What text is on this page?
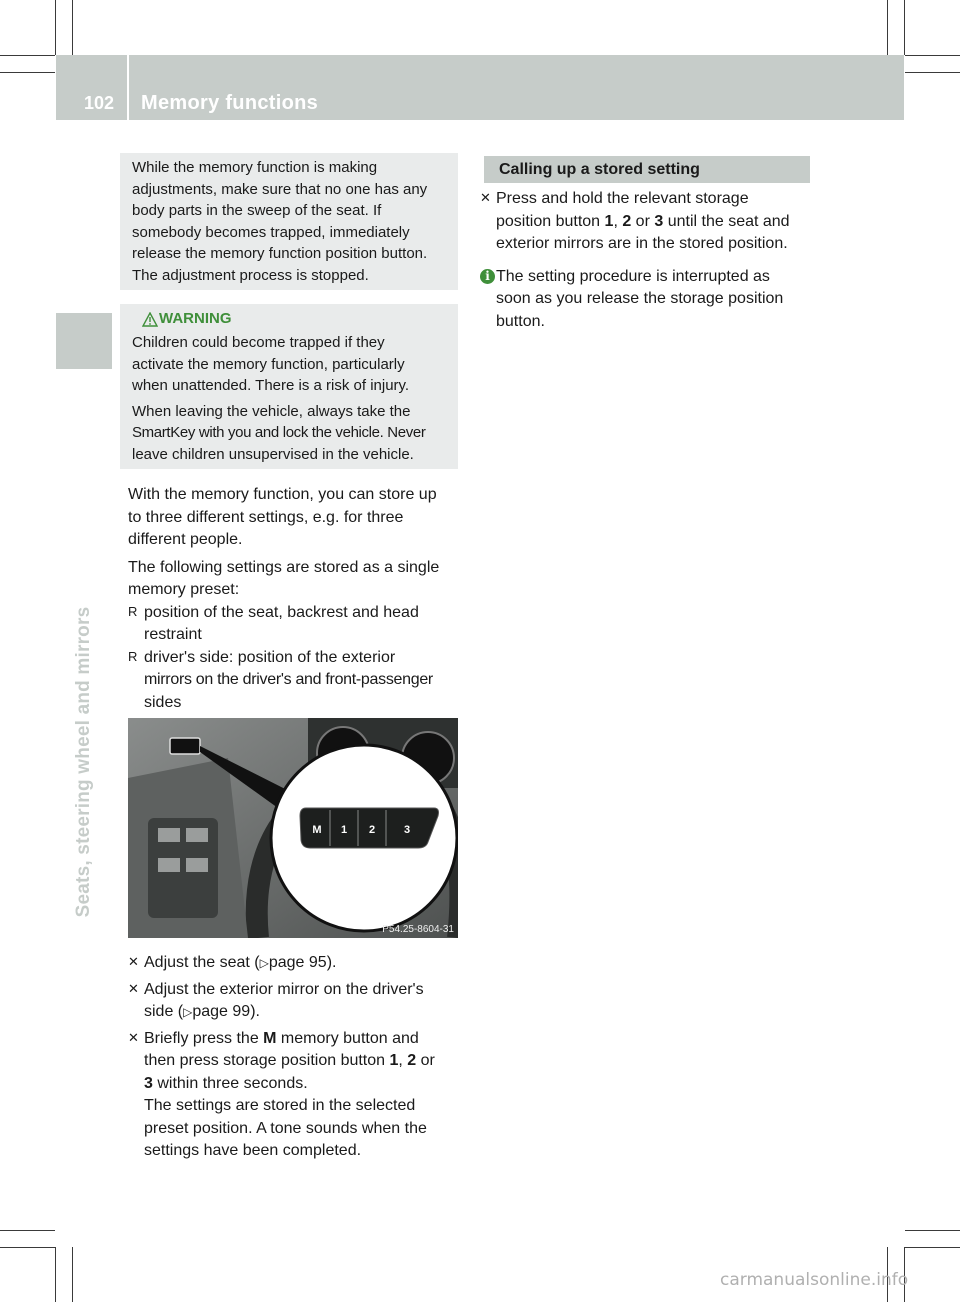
102 Memory functions
Seats, steering wheel and mirrors
While the memory function is making
adjustments, make sure that no one has any
body parts in the sweep of the seat. If
somebody becomes trapped, immediately
release the memory function position button.
The adjustment process is stopped.
WARNING
Children could become trapped if they
activate the memory function, particularly
when unattended. There is a risk of injury.
When leaving the vehicle, always take the
SmartKey with you and lock the vehicle. Never
leave children unsupervised in the vehicle.

With the memory function, you can store up

to three different settings, e.g. for three

different people.

The following settings are stored as a single

memory preset:

R position of the seat, backrest and head

restraint

R driver's side: position of the exterior

mirrors on the driver's and front-passenger

sides

M 1 2	3
P54.25-8604-31
✕ Adjust the seat (▷page 95).

✕ Adjust the exterior mirror on the driver's

side (▷page 99).

✕ Briefly press the M memory button and

then press storage position button 1, 2 or

3 within three seconds.

The settings are stored in the selected

preset position. A tone sounds when the

settings have been completed.

Calling up a stored setting
✕ Press and hold the relevant storage

position button 1, 2 or 3 until the seat and

exterior mirrors are in the stored position.

i The setting procedure is interrupted as

soon as you release the storage position

button.

carmanualsonline.info
